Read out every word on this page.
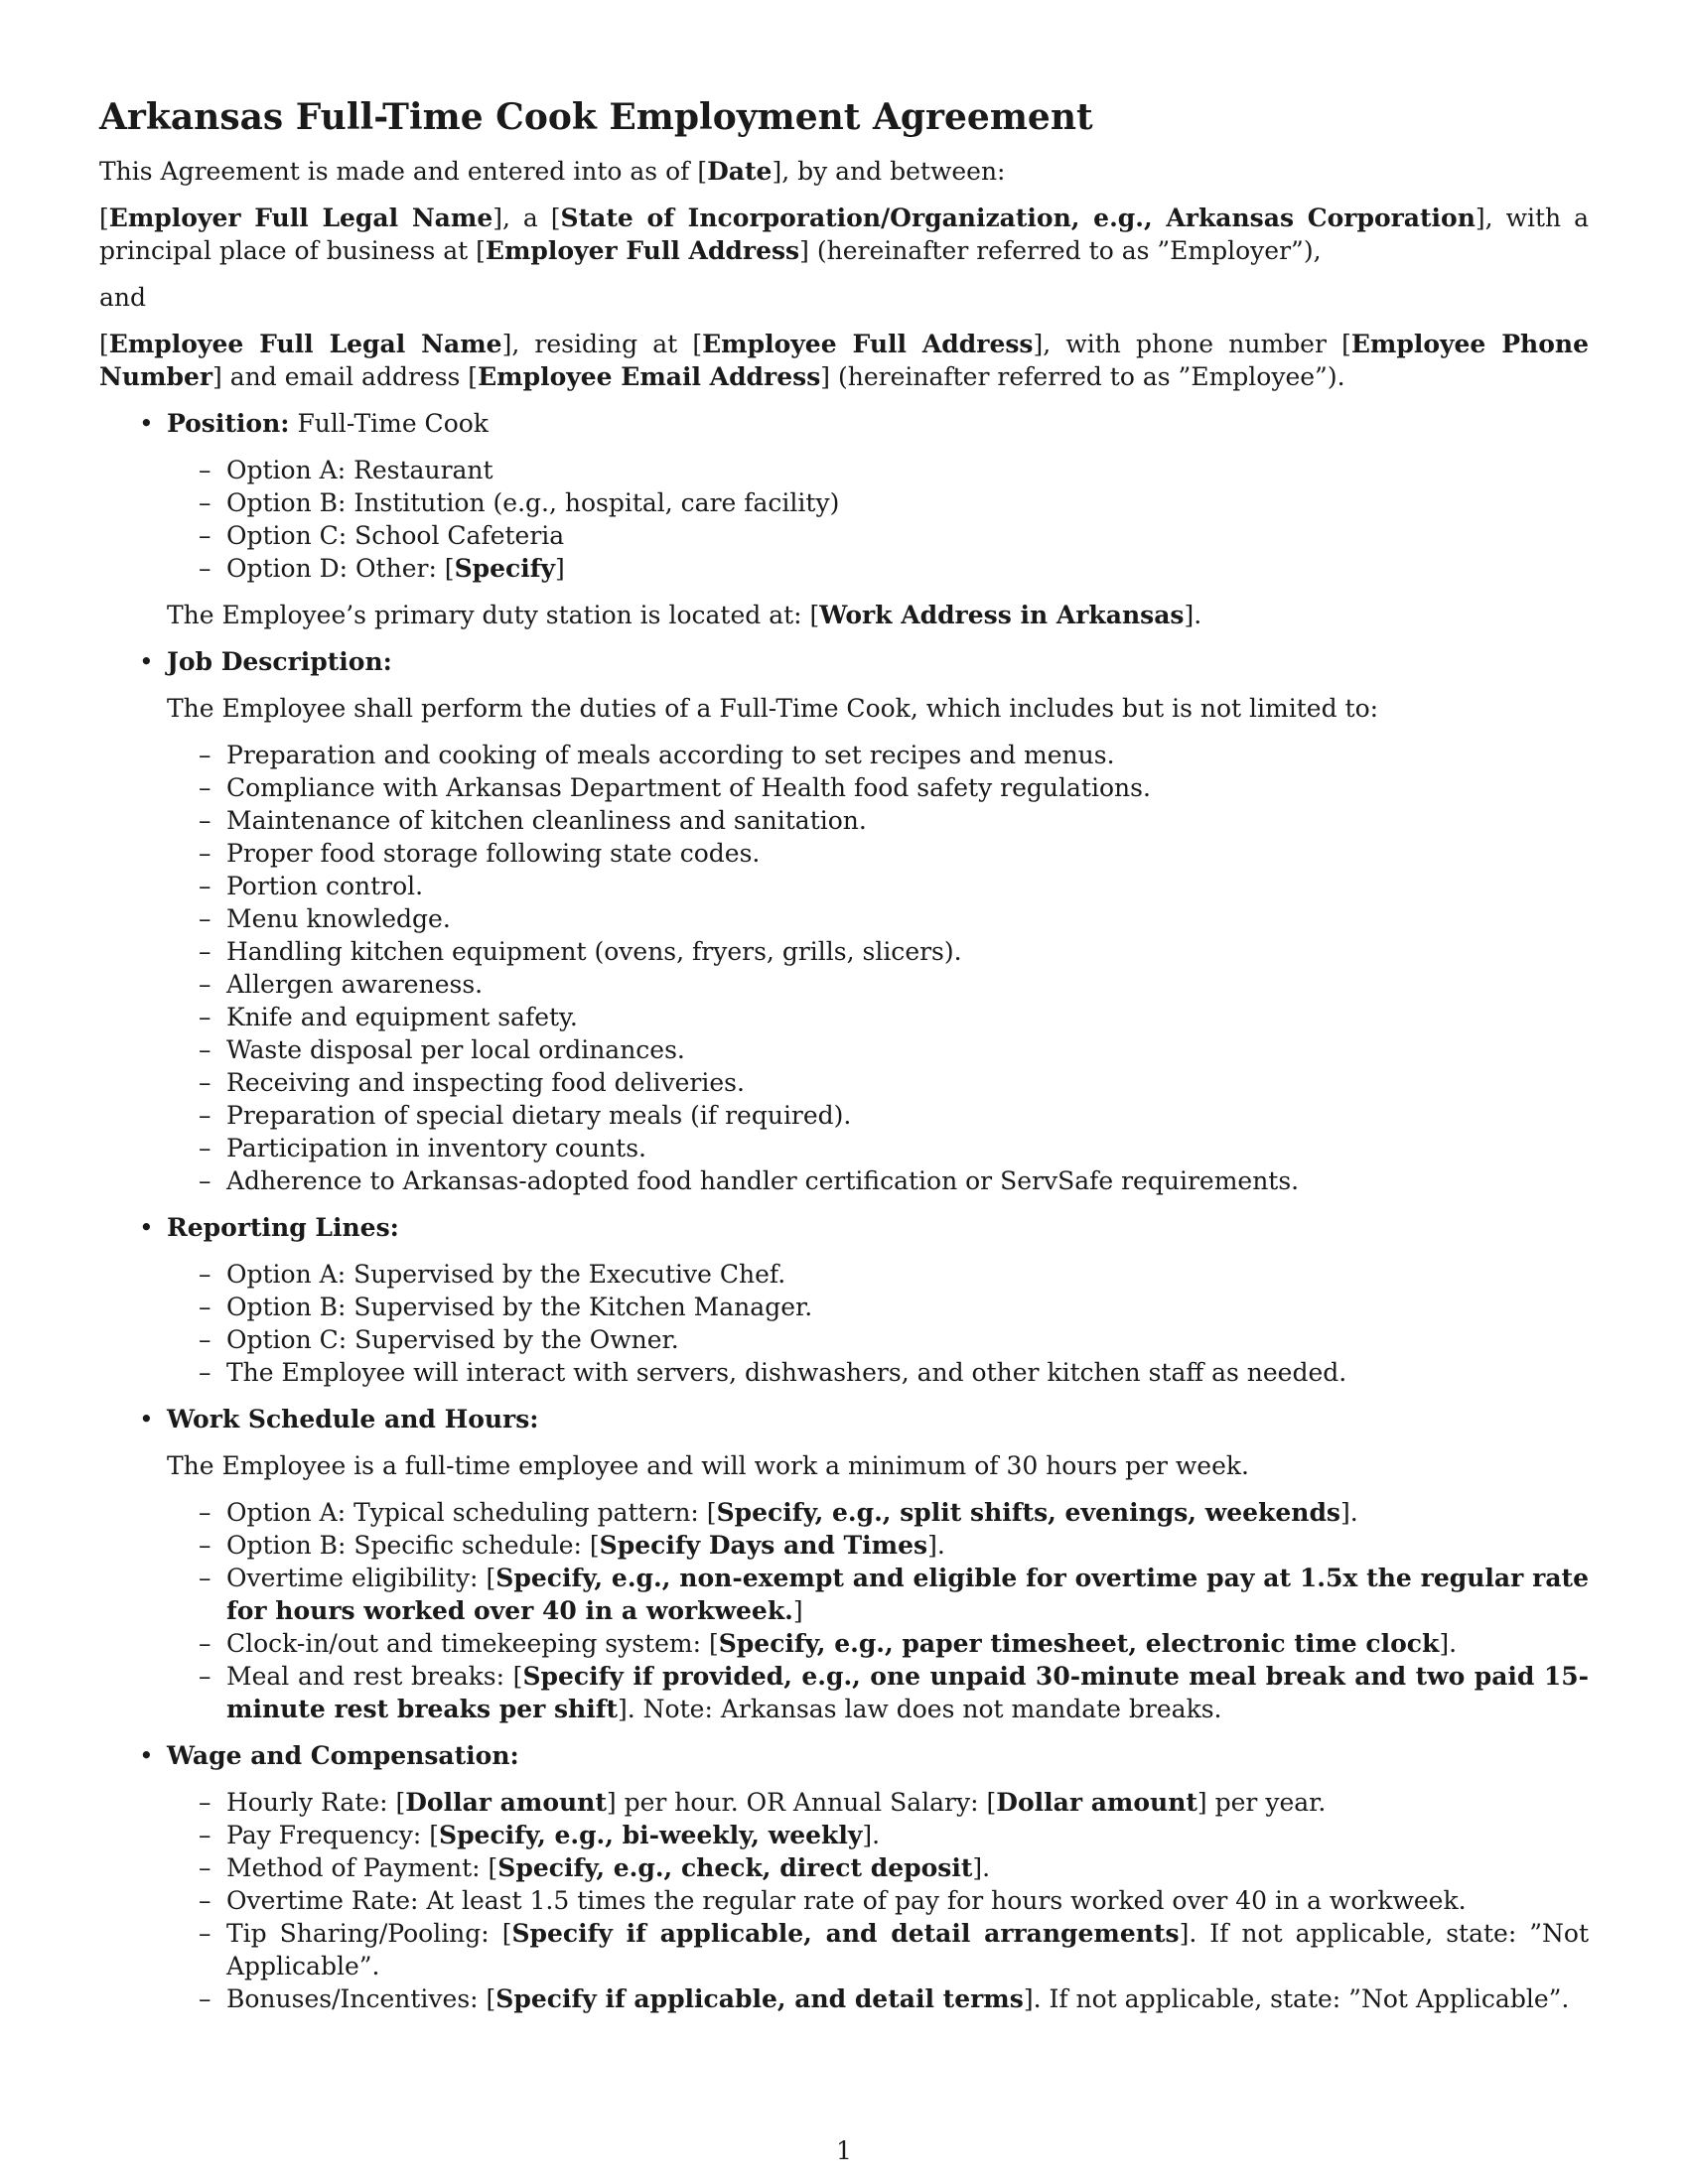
Arkansas Full-Time Cook Employment Agreement

This Agreement is made and entered into as of [Date], by and between:

[Employer Full Legal Name], a [State of Incorporation/Organization, e.g., Arkansas Corporation], with a principal place of business at [Employer Full Address] (hereinafter referred to as ”Employer”),

and

[Employee Full Legal Name], residing at [Employee Full Address], with phone number [Employee Phone Number] and email address [Employee Email Address] (hereinafter referred to as ”Employee”).

• Position: Full-Time Cook
– Option A: Restaurant
– Option B: Institution (e.g., hospital, care facility)
– Option C: School Cafeteria
– Option D: Other: [Specify]

The Employee’s primary duty station is located at: [Work Address in Arkansas].

• Job Description:

The Employee shall perform the duties of a Full-Time Cook, which includes but is not limited to:

– Preparation and cooking of meals according to set recipes and menus.
– Compliance with Arkansas Department of Health food safety regulations.
– Maintenance of kitchen cleanliness and sanitation.
– Proper food storage following state codes.
– Portion control.
– Menu knowledge.
– Handling kitchen equipment (ovens, fryers, grills, slicers).
– Allergen awareness.
– Knife and equipment safety.
– Waste disposal per local ordinances.
– Receiving and inspecting food deliveries.
– Preparation of special dietary meals (if required).
– Participation in inventory counts.
– Adherence to Arkansas-adopted food handler certification or ServSafe requirements.
• Reporting Lines:
– Option A: Supervised by the Executive Chef.
– Option B: Supervised by the Kitchen Manager.
– Option C: Supervised by the Owner.
– The Employee will interact with servers, dishwashers, and other kitchen staff as needed.
• Work Schedule and Hours:

The Employee is a full-time employee and will work a minimum of 30 hours per week.

– Option A: Typical scheduling pattern: [Specify, e.g., split shifts, evenings, weekends].
– Option B: Specific schedule: [Specify Days and Times].
– Overtime eligibility: [Specify, e.g., non-exempt and eligible for overtime pay at 1.5x the regular rate for hours worked over 40 in a workweek.]
– Clock-in/out and timekeeping system: [Specify, e.g., paper timesheet, electronic time clock].
– Meal and rest breaks: [Specify if provided, e.g., one unpaid 30-minute meal break and two paid 15-minute rest breaks per shift]. Note: Arkansas law does not mandate breaks.
• Wage and Compensation:
– Hourly Rate: [Dollar amount] per hour. OR Annual Salary: [Dollar amount] per year.
– Pay Frequency: [Specify, e.g., bi-weekly, weekly].
– Method of Payment: [Specify, e.g., check, direct deposit].
– Overtime Rate: At least 1.5 times the regular rate of pay for hours worked over 40 in a workweek.
– Tip Sharing/Pooling: [Specify if applicable, and detail arrangements]. If not applicable, state: ”Not Applicable”.
– Bonuses/Incentives: [Specify if applicable, and detail terms]. If not applicable, state: ”Not Applicable”.
1
